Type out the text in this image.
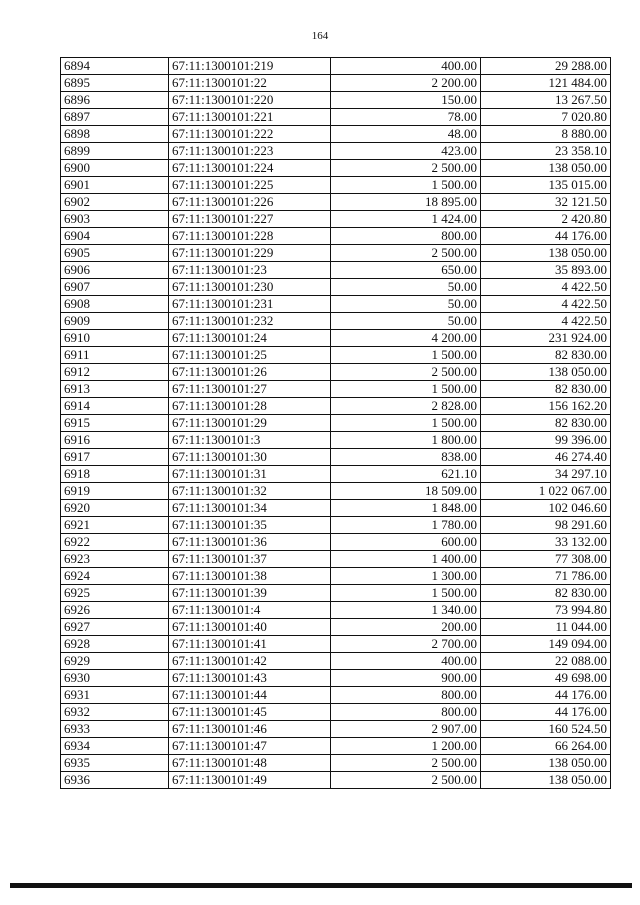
164
6894	67:11:1300101:219	400.00	29 288.00
6895	67:11:1300101:22	2 200.00	121 484.00
6896	67:11:1300101:220	150.00	13 267.50
6897	67:11:1300101:221	78.00	7 020.80
6898	67:11:1300101:222	48.00	8 880.00
6899	67:11:1300101:223	423.00	23 358.10
6900	67:11:1300101:224	2 500.00	138 050.00
6901	67:11:1300101:225	1 500.00	135 015.00
6902	67:11:1300101:226	18 895.00	32 121.50
6903	67:11:1300101:227	1 424.00	2 420.80
6904	67:11:1300101:228	800.00	44 176.00
6905	67:11:1300101:229	2 500.00	138 050.00
6906	67:11:1300101:23	650.00	35 893.00
6907	67:11:1300101:230	50.00	4 422.50
6908	67:11:1300101:231	50.00	4 422.50
6909	67:11:1300101:232	50.00	4 422.50
6910	67:11:1300101:24	4 200.00	231 924.00
6911	67:11:1300101:25	1 500.00	82 830.00
6912	67:11:1300101:26	2 500.00	138 050.00
6913	67:11:1300101:27	1 500.00	82 830.00
6914	67:11:1300101:28	2 828.00	156 162.20
6915	67:11:1300101:29	1 500.00	82 830.00
6916	67:11:1300101:3	1 800.00	99 396.00
6917	67:11:1300101:30	838.00	46 274.40
6918	67:11:1300101:31	621.10	34 297.10
6919	67:11:1300101:32	18 509.00	1 022 067.00
6920	67:11:1300101:34	1 848.00	102 046.60
6921	67:11:1300101:35	1 780.00	98 291.60
6922	67:11:1300101:36	600.00	33 132.00
6923	67:11:1300101:37	1 400.00	77 308.00
6924	67:11:1300101:38	1 300.00	71 786.00
6925	67:11:1300101:39	1 500.00	82 830.00
6926	67:11:1300101:4	1 340.00	73 994.80
6927	67:11:1300101:40	200.00	11 044.00
6928	67:11:1300101:41	2 700.00	149 094.00
6929	67:11:1300101:42	400.00	22 088.00
6930	67:11:1300101:43	900.00	49 698.00
6931	67:11:1300101:44	800.00	44 176.00
6932	67:11:1300101:45	800.00	44 176.00
6933	67:11:1300101:46	2 907.00	160 524.50
6934	67:11:1300101:47	1 200.00	66 264.00
6935	67:11:1300101:48	2 500.00	138 050.00
6936	67:11:1300101:49	2 500.00	138 050.00
